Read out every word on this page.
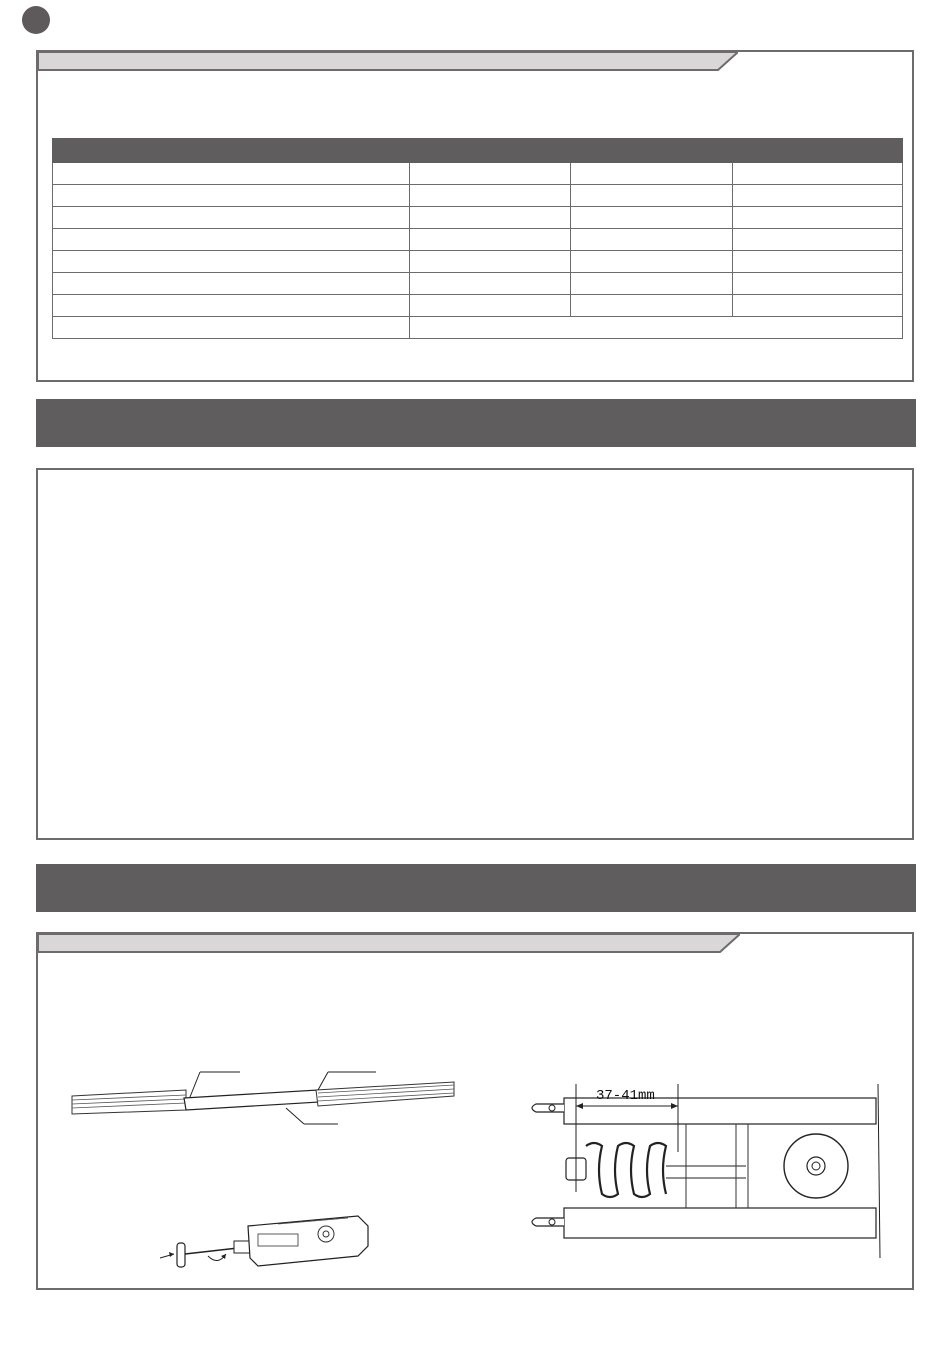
37-41mm
